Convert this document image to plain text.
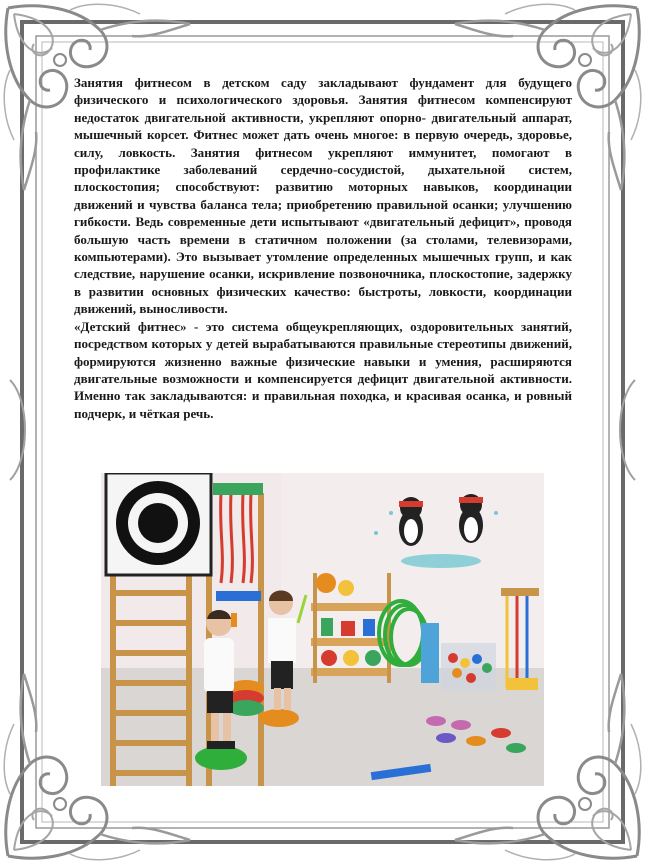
Занятия фитнесом в детском саду закладывают фундамент для будущего физического и психологического здоровья. Занятия фитнесом компенсируют недостаток двигательной активности, укрепляют опорно- двигательный аппарат, мышечный корсет. Фитнес может дать очень многое: в первую очередь, здоровье, силу, ловкость. Занятия фитнесом укрепляют иммунитет, помогают в профилактике заболеваний сердечно-сосудистой, дыхательной систем, плоскостопия; способствуют: развитию моторных навыков, координации движений и чувства баланса тела; приобретению правильной осанки; улучшению гибкости. Ведь современные дети испытывают «двигательный дефицит», проводя большую часть времени в статичном положении (за столами, телевизорами, компьютерами). Это вызывает утомление определенных мышечных групп, и как следствие, нарушение осанки, искривление позвоночника, плоскостопие, задержку в развитии основных физических качество: быстроты, ловкости, координации движений, выносливости.

«Детский фитнес» - это система общеукрепляющих, оздоровительных занятий, посредством которых у детей вырабатываются правильные стереотипы движений, формируются жизненно важные физические навыки и умения, расширяются двигательные возможности и компенсируется дефицит двигательной активности. Именно так закладываются: и правильная походка, и красивая осанка, и ровный подчерк, и чёткая речь.
